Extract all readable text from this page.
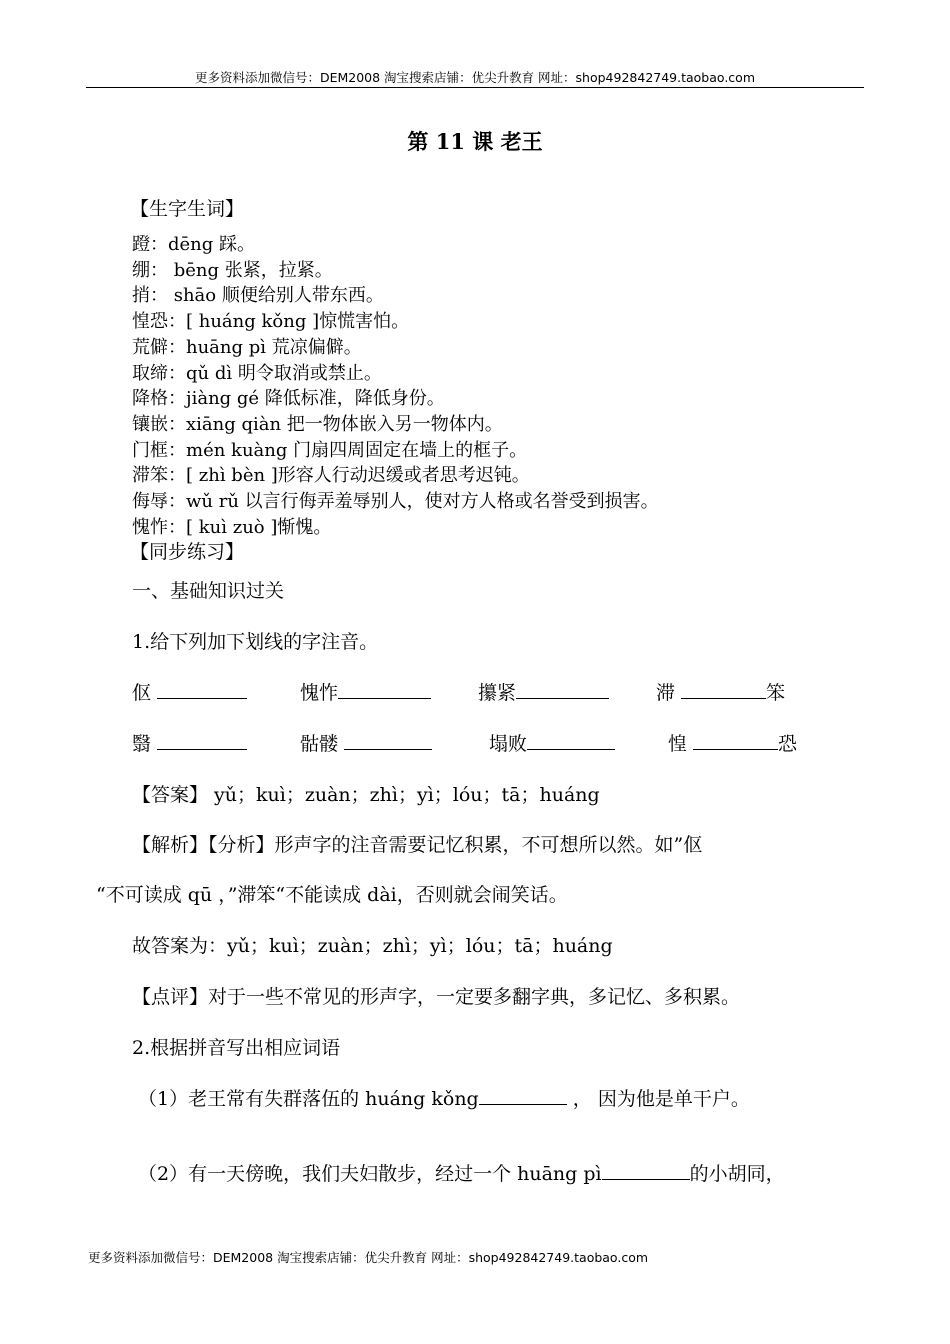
更多资料添加微信号：DEM2008 淘宝搜索店铺：优尖升教育 网址：shop492842749.taobao.com
第 11 课 老王
【生字生词】
蹬：dēng 踩。
绷： bēng 张紧，拉紧。
捎： shāo 顺便给别人带东西。
惶恐：[ huáng kǒng ]惊慌害怕。
荒僻：huāng pì 荒凉偏僻。
取缔：qǔ dì 明令取消或禁止。
降格：jiàng gé 降低标准，降低身份。
镶嵌：xiāng qiàn 把一物体嵌入另一物体内。
门框：mén kuàng 门扇四周固定在墙上的框子。
滞笨：[ zhì bèn ]形容人行动迟缓或者思考迟钝。
侮辱：wǔ rǔ 以言行侮弄羞辱别人，使对方人格或名誉受到损害。
愧怍：[ kuì zuò ]惭愧。
【同步练习】
一、基础知识过关
1.给下列加下划线的字注音。
伛	愧怍	攥紧	滞	笨
翳	骷髅	塌败	惶	恐
【答案】 yǔ；kuì；zuàn；zhì；yì；lóu；tā；huáng
【解析】【分析】形声字的注音需要记忆积累，不可想所以然。如”伛
“不可读成 qū ，”滞笨“不能读成 dài，否则就会闹笑话。
故答案为：yǔ；kuì；zuàn；zhì；yì；lóu；tā；huáng
【点评】对于一些不常见的形声字，一定要多翻字典，多记忆、多积累。
2.根据拼音写出相应词语
（1）老王常有失群落伍的 huáng kǒng	， 因为他是单干户。
（2）有一天傍晚，我们夫妇散步，经过一个 huāng pì	的小胡同，
更多资料添加微信号：DEM2008 淘宝搜索店铺：优尖升教育 网址：shop492842749.taobao.com
